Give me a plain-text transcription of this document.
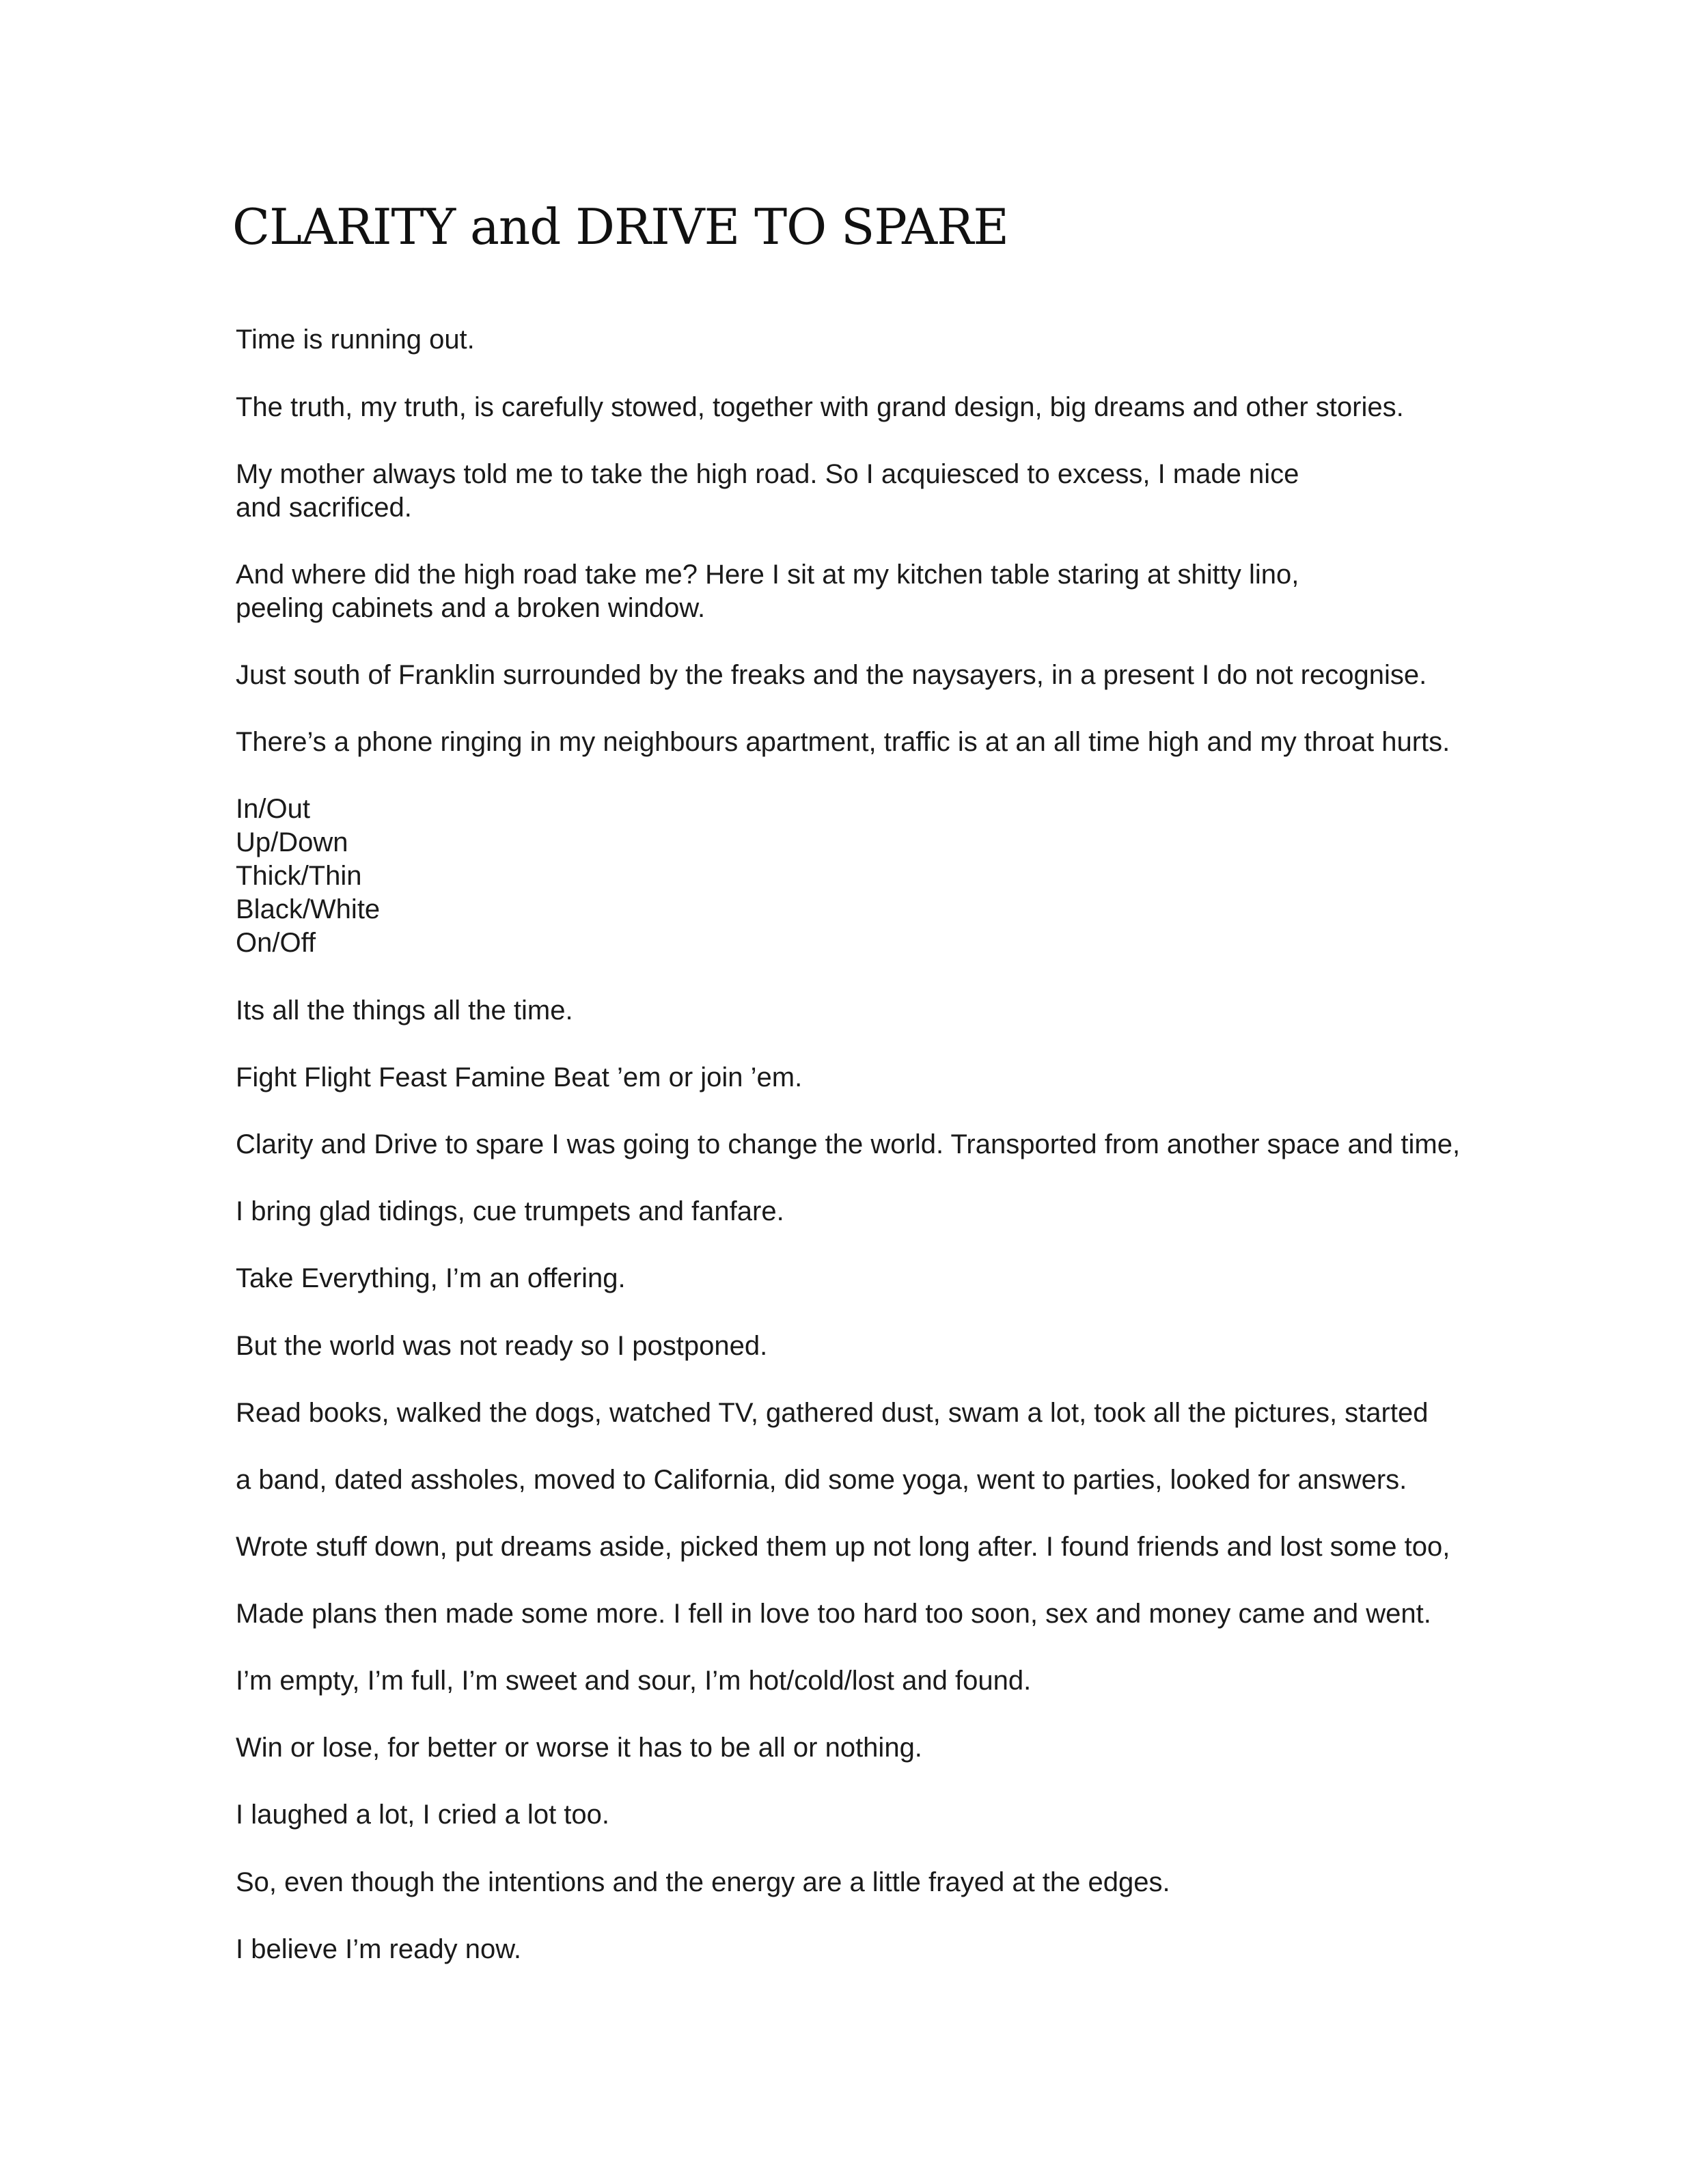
CLARITY and DRIVE TO SPARE

Time is running out.

The truth, my truth, is carefully stowed, together with grand design, big dreams and other stories.

My mother always told me to take the high road. So I acquiesced to excess, I made nice

and sacrificed.

And where did the high road take me? Here I sit at my kitchen table staring at shitty lino,

peeling cabinets and a broken window.

Just south of Franklin surrounded by the freaks and the naysayers, in a present I do not recognise.

There’s a phone ringing in my neighbours apartment, traffic is at an all time high and my throat hurts.

In/Out

Up/Down

Thick/Thin

Black/White

On/Off

Its all the things all the time.

Fight Flight Feast Famine Beat ’em or join ’em.

Clarity and Drive to spare I was going to change the world. Transported from another space and time,

I bring glad tidings, cue trumpets and fanfare.

Take Everything, I’m an offering.

But the world was not ready so I postponed.

Read books, walked the dogs, watched TV, gathered dust, swam a lot, took all the pictures, started

a band, dated assholes, moved to California, did some yoga, went to parties, looked for answers.

Wrote stuff down, put dreams aside, picked them up not long after. I found friends and lost some too,

Made plans then made some more. I fell in love too hard too soon, sex and money came and went.

I’m empty, I’m full, I’m sweet and sour, I’m hot/cold/lost and found.

Win or lose, for better or worse it has to be all or nothing.

I laughed a lot, I cried a lot too.

So, even though the intentions and the energy are a little frayed at the edges.

I believe I’m ready now.
